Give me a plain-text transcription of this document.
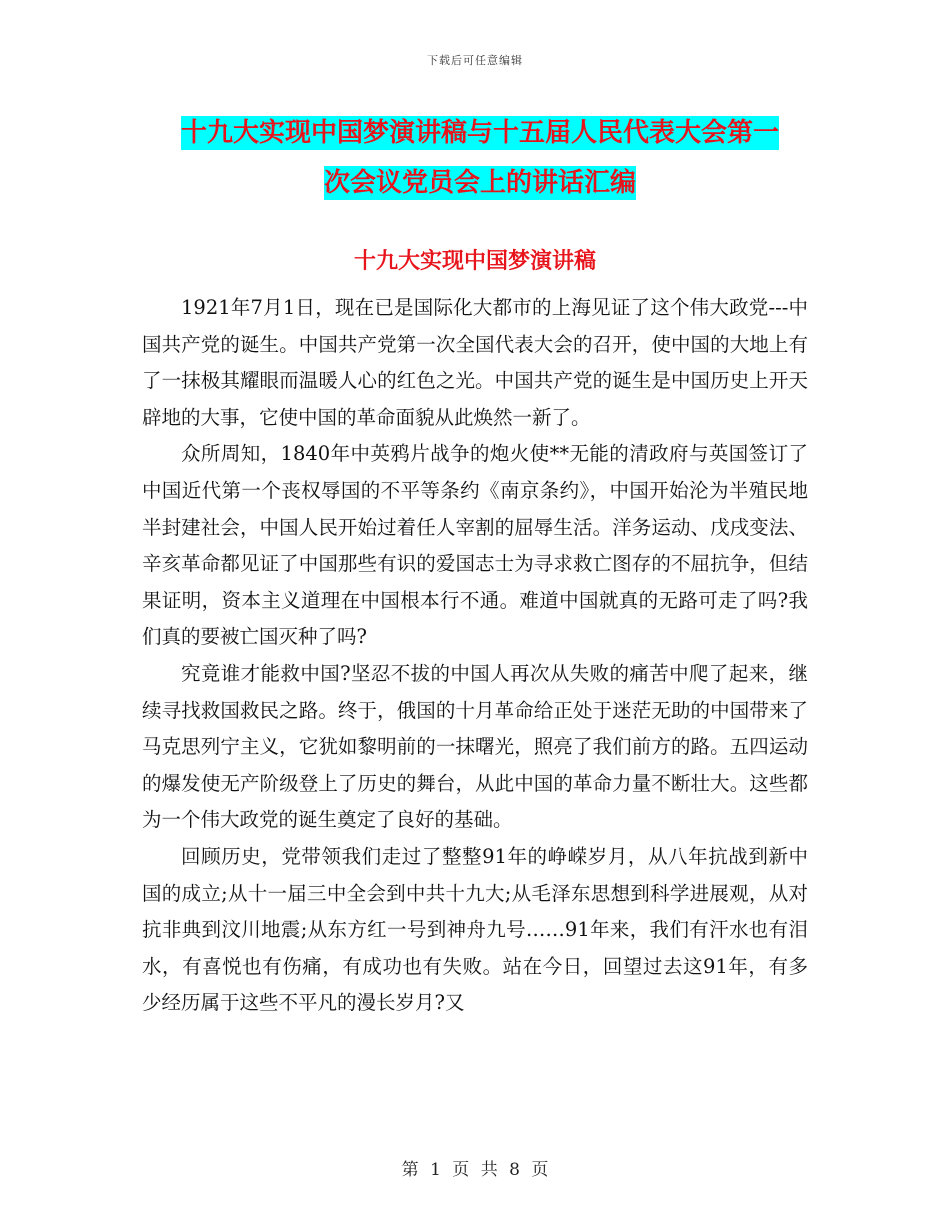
下载后可任意编辑
十九大实现中国梦演讲稿与十五届人民代表大会第一
次会议党员会上的讲话汇编
十九大实现中国梦演讲稿

1921年7月1日，现在已是国际化大都市的上海见证了这个伟大政党---中国共产党的诞生。中国共产党第一次全国代表大会的召开，使中国的大地上有了一抹极其耀眼而温暖人心的红色之光。中国共产党的诞生是中国历史上开天辟地的大事，它使中国的革命面貌从此焕然一新了。

众所周知，1840年中英鸦片战争的炮火使**无能的清政府与英国签订了中国近代第一个丧权辱国的不平等条约《南京条约》，中国开始沦为半殖民地半封建社会，中国人民开始过着任人宰割的屈辱生活。洋务运动、戊戌变法、辛亥革命都见证了中国那些有识的爱国志士为寻求救亡图存的不屈抗争，但结果证明，资本主义道理在中国根本行不通。难道中国就真的无路可走了吗?我们真的要被亡国灭种了吗?

究竟谁才能救中国?坚忍不拔的中国人再次从失败的痛苦中爬了起来，继续寻找救国救民之路。终于，俄国的十月革命给正处于迷茫无助的中国带来了马克思列宁主义，它犹如黎明前的一抹曙光，照亮了我们前方的路。五四运动的爆发使无产阶级登上了历史的舞台，从此中国的革命力量不断壮大。这些都为一个伟大政党的诞生奠定了良好的基础。

回顾历史，党带领我们走过了整整91年的峥嵘岁月，从八年抗战到新中国的成立;从十一届三中全会到中共十九大;从毛泽东思想到科学进展观，从对抗非典到汶川地震;从东方红一号到神舟九号……91年来，我们有汗水也有泪水，有喜悦也有伤痛，有成功也有失败。站在今日，回望过去这91年，有多少经历属于这些不平凡的漫长岁月?又

第 1 页 共 8 页
